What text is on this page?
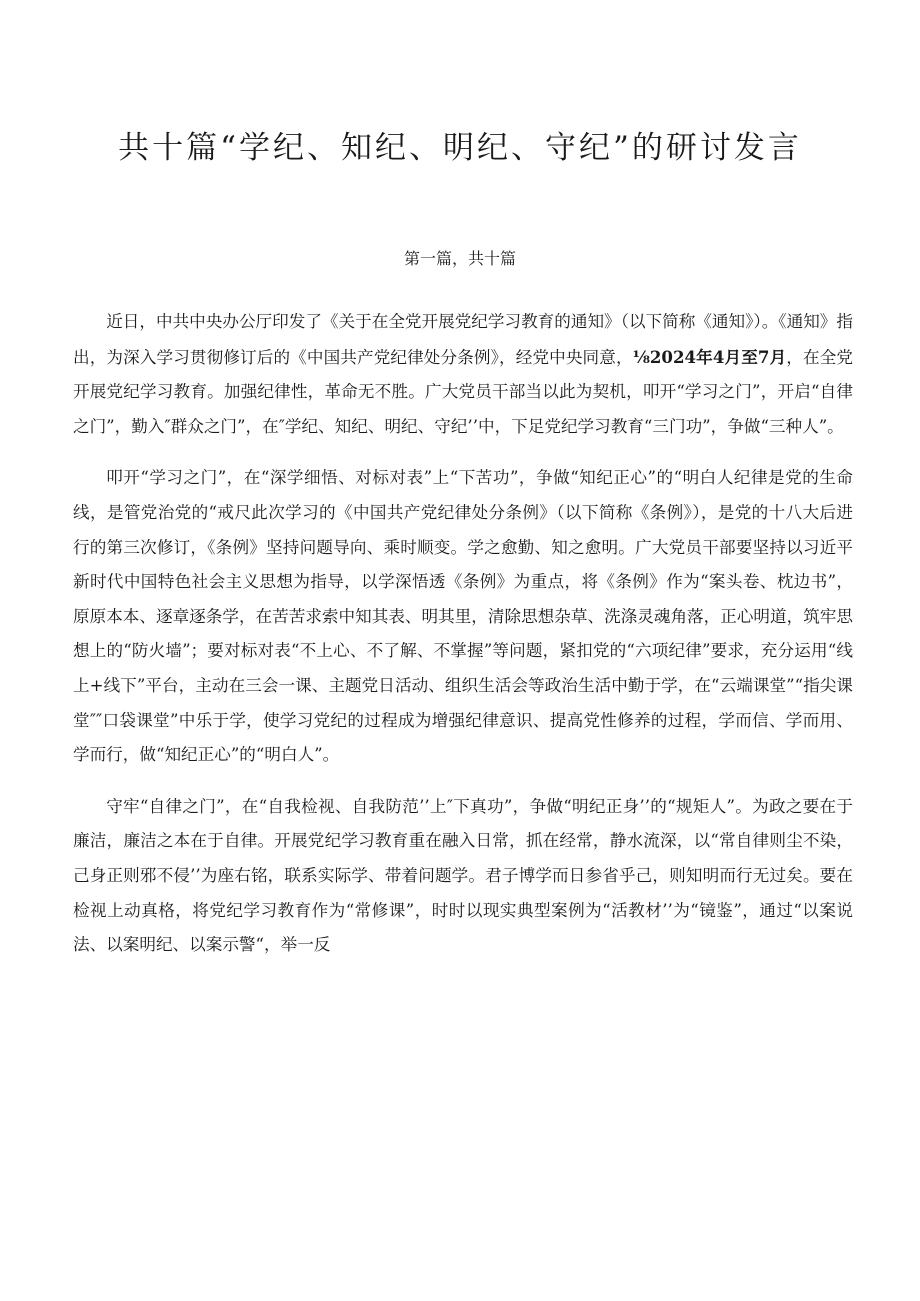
共十篇“学纪、知纪、明纪、守纪”的研讨发言

第一篇，共十篇

近日，中共中央办公厅印发了《关于在全党开展党纪学习教育的通知》（以下简称《通知》）。《通知》指出，为深入学习贯彻修订后的《中国共产党纪律处分条例》，经党中央同意，⅛2024年4月至7月，在全党开展党纪学习教育。加强纪律性，革命无不胜。广大党员干部当以此为契机，叩开“学习之门”，开启“自律之门”，勤入″群众之门”，在″学纪、知纪、明纪、守纪’’中，下足党纪学习教育“三门功”，争做“三种人”。

叩开“学习之门”，在“深学细悟、对标对表”上“下苦功”，争做“知纪正心”的“明白人纪律是党的生命线，是管党治党的“戒尺此次学习的《中国共产党纪律处分条例》（以下简称《条例》），是党的十八大后进行的第三次修订，《条例》坚持问题导向、乘时顺变。学之愈勤、知之愈明。广大党员干部要坚持以习近平新时代中国特色社会主义思想为指导，以学深悟透《条例》为重点，将《条例》作为“案头卷、枕边书”，原原本本、逐章逐条学，在苦苦求索中知其表、明其里，清除思想杂草、洗涤灵魂角落，正心明道，筑牢思想上的“防火墙”；要对标对表“不上心、不了解、不掌握”等问题，紧扣党的“六项纪律”要求，充分运用“线上+线下”平台，主动在三会一课、主题党日活动、组织生活会等政治生活中勤于学，在“云端课堂”“指尖课堂″″口袋课堂”中乐于学，使学习党纪的过程成为增强纪律意识、提高党性修养的过程，学而信、学而用、学而行，做“知纪正心”的“明白人”。

守牢“自律之门”，在“自我检视、自我防范’’上″下真功”，争做“明纪正身’’的“规矩人”。为政之要在于廉洁，廉洁之本在于自律。开展党纪学习教育重在融入日常，抓在经常，静水流深，以“常自律则尘不染，己身正则邪不侵’’为座右铭，联系实际学、带着问题学。君子博学而日参省乎己，则知明而行无过矣。要在检视上动真格，将党纪学习教育作为“常修课”，时时以现实典型案例为“活教材’’为“镜鉴”，通过“以案说法、以案明纪、以案示警“，举一反
